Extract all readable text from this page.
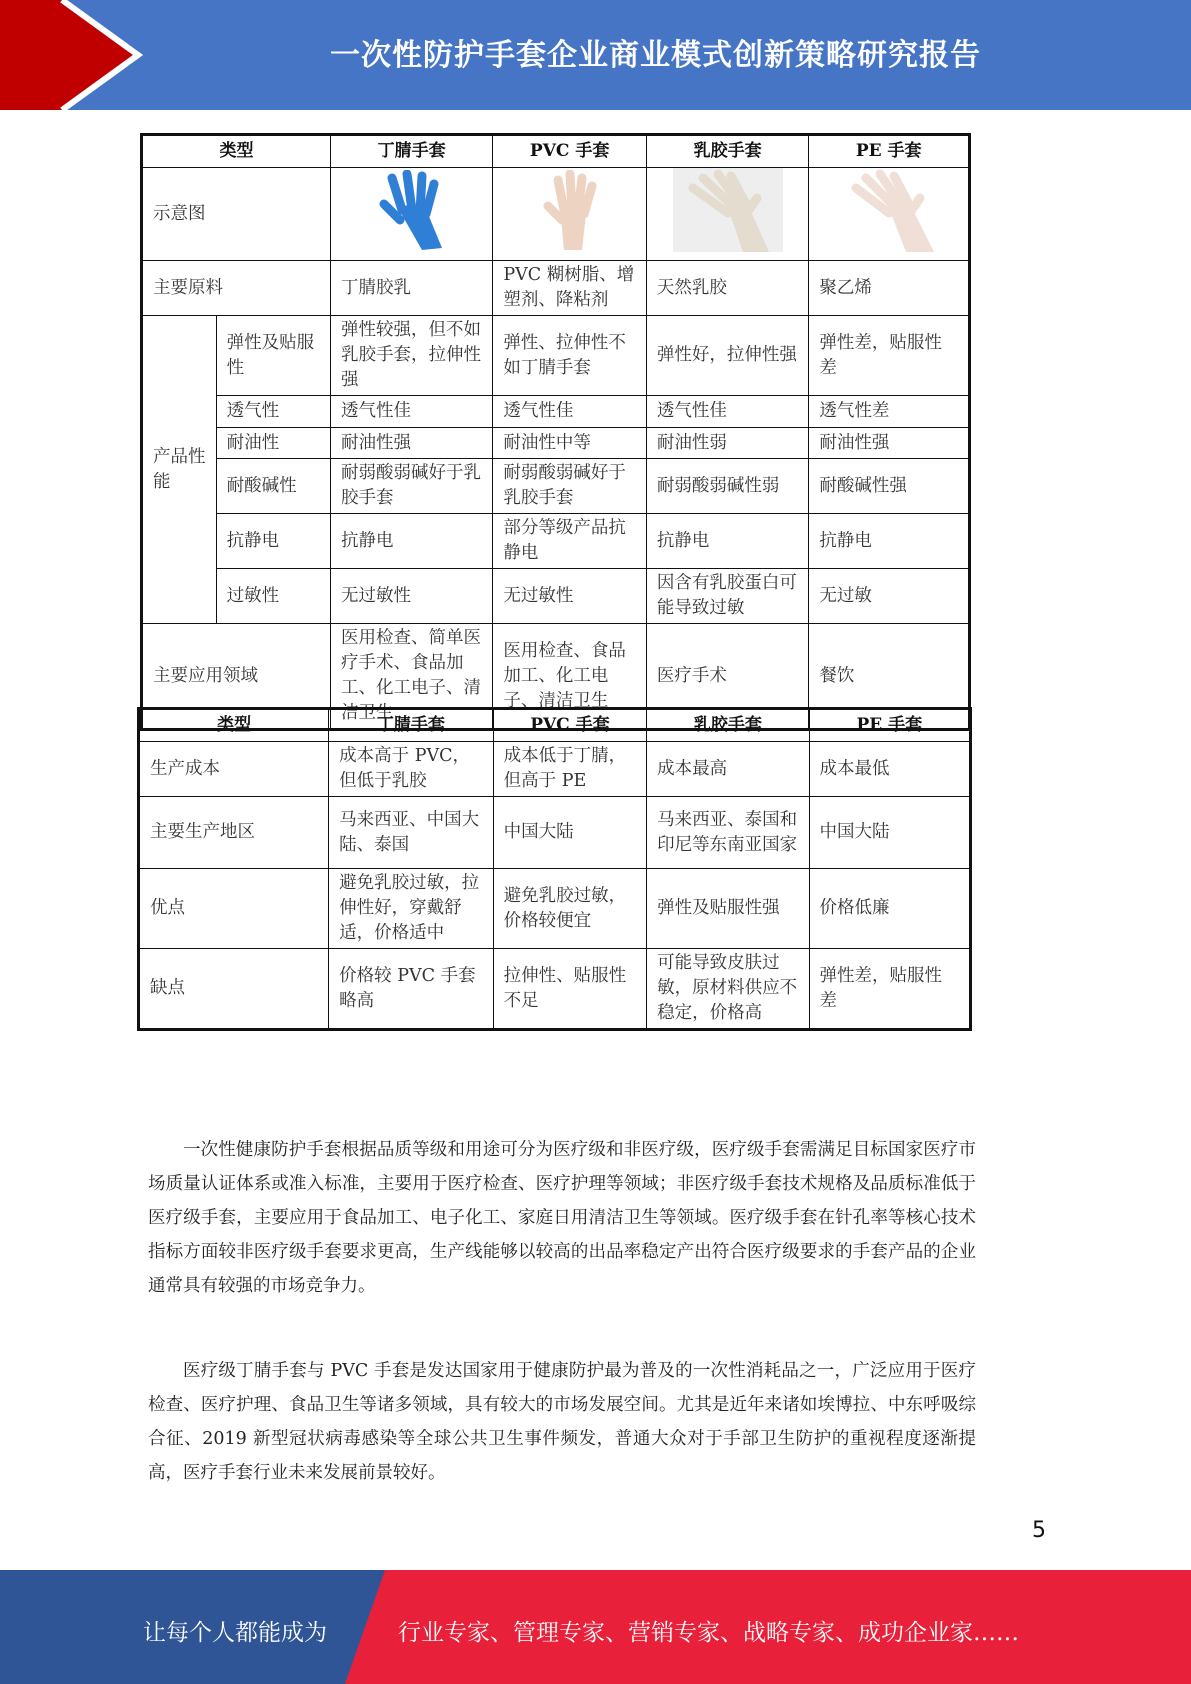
一次性防护手套企业商业模式创新策略研究报告
类型		丁腈手套	PVC 手套	乳胶手套	PE 手套
示意图				
主要原料		丁腈胶乳	PVC 糊树脂、增塑剂、降粘剂	天然乳胶	聚乙烯
产品性能	弹性及贴服性	弹性较强，但不如乳胶手套，拉伸性强	弹性、拉伸性不如丁腈手套	弹性好，拉伸性强	弹性差，贴服性差
	透气性	透气性佳	透气性佳	透气性佳	透气性差
	耐油性	耐油性强	耐油性中等	耐油性弱	耐油性强
	耐酸碱性	耐弱酸弱碱好于乳胶手套	耐弱酸弱碱好于乳胶手套	耐弱酸弱碱性弱	耐酸碱性强
	抗静电	抗静电	部分等级产品抗静电	抗静电	抗静电
	过敏性	无过敏性	无过敏性	因含有乳胶蛋白可能导致过敏	无过敏
主要应用领域		医用检查、简单医疗手术、食品加工、化工电子、清洁卫生	医用检查、食品加工、化工电子、清洁卫生	医疗手术	餐饮
类型	丁腈手套	PVC 手套	乳胶手套	PE 手套
生产成本	成本高于 PVC，但低于乳胶	成本低于丁腈，但高于 PE	成本最高	成本最低
主要生产地区	马来西亚、中国大陆、泰国	中国大陆	马来西亚、泰国和印尼等东南亚国家	中国大陆
优点	避免乳胶过敏，拉伸性好，穿戴舒适，价格适中	避免乳胶过敏，价格较便宜	弹性及贴服性强	价格低廉
缺点	价格较 PVC 手套略高	拉伸性、贴服性不足	可能导致皮肤过敏，原材料供应不稳定，价格高	弹性差，贴服性差

一次性健康防护手套根据品质等级和用途可分为医疗级和非医疗级，医疗级手套需满足目标国家医疗市场质量认证体系或准入标准，主要用于医疗检查、医疗护理等领域；非医疗级手套技术规格及品质标准低于医疗级手套，主要应用于食品加工、电子化工、家庭日用清洁卫生等领域。医疗级手套在针孔率等核心技术指标方面较非医疗级手套要求更高，生产线能够以较高的出品率稳定产出符合医疗级要求的手套产品的企业通常具有较强的市场竞争力。

医疗级丁腈手套与 PVC 手套是发达国家用于健康防护最为普及的一次性消耗品之一，广泛应用于医疗检查、医疗护理、食品卫生等诸多领域，具有较大的市场发展空间。尤其是近年来诸如埃博拉、中东呼吸综合征、2019 新型冠状病毒感染等全球公共卫生事件频发，普通大众对于手部卫生防护的重视程度逐渐提高，医疗手套行业未来发展前景较好。

5
让每个人都能成为	行业专家、管理专家、营销专家、战略专家、成功企业家……
